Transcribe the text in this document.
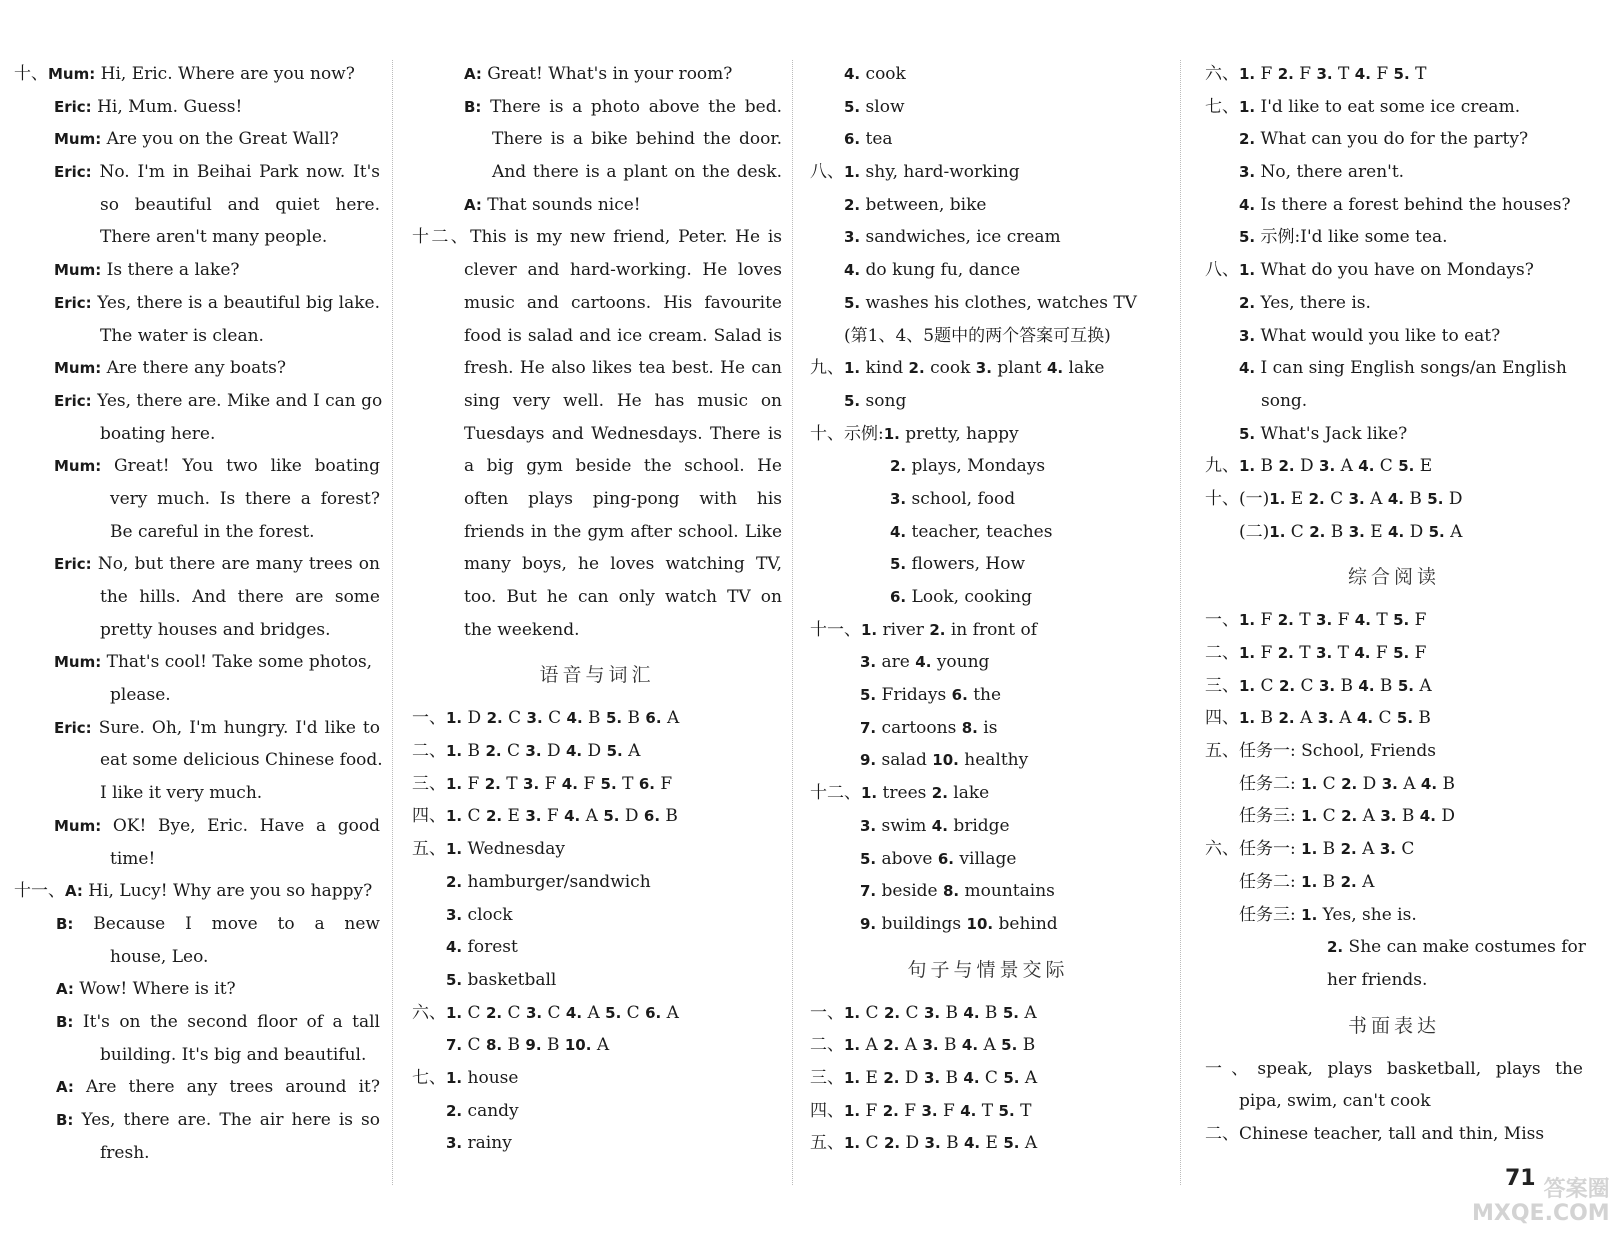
十、Mum: Hi, Eric. Where are you now?
Eric: Hi, Mum. Guess!
Mum: Are you on the Great Wall?
Eric: No. I'm in Beihai Park now. It's
so beautiful and quiet here.
There aren't many people.
Mum: Is there a lake?
Eric: Yes, there is a beautiful big lake.
The water is clean.
Mum: Are there any boats?
Eric: Yes, there are. Mike and I can go
boating here.
Mum: Great! You two like boating
very much. Is there a forest?
Be careful in the forest.
Eric: No, but there are many trees on
the hills. And there are some
pretty houses and bridges.
Mum: That's cool! Take some photos,
please.
Eric: Sure. Oh, I'm hungry. I'd like to
eat some delicious Chinese food.
I like it very much.
Mum: OK! Bye, Eric. Have a good
time!
十一、A: Hi, Lucy! Why are you so happy?
B: Because I move to a new
house, Leo.
A: Wow! Where is it?
B: It's on the second floor of a tall
building. It's big and beautiful.
A: Are there any trees around it?
B: Yes, there are. The air here is so
fresh.
A: Great! What's in your room?
B: There is a photo above the bed.
There is a bike behind the door.
And there is a plant on the desk.
A: That sounds nice!
十二、This is my new friend, Peter. He is
clever and hard-working. He loves
music and cartoons. His favourite
food is salad and ice cream. Salad is
fresh. He also likes tea best. He can
sing very well. He has music on
Tuesdays and Wednesdays. There is
a big gym beside the school. He
often plays ping-pong with his
friends in the gym after school. Like
many boys, he loves watching TV,
too. But he can only watch TV on
the weekend.
语音与词汇
一、1. D 2. C 3. C 4. B 5. B 6. A
二、1. B 2. C 3. D 4. D 5. A
三、1. F 2. T 3. F 4. F 5. T 6. F
四、1. C 2. E 3. F 4. A 5. D 6. B
五、1. Wednesday
2. hamburger/sandwich
3. clock
4. forest
5. basketball
六、1. C 2. C 3. C 4. A 5. C 6. A
7. C 8. B 9. B 10. A
七、1. house
2. candy
3. rainy
4. cook
5. slow
6. tea
八、1. shy, hard-working
2. between, bike
3. sandwiches, ice cream
4. do kung fu, dance
5. washes his clothes, watches TV
(第1、4、5题中的两个答案可互换)
九、1. kind 2. cook 3. plant 4. lake
5. song
十、示例:1. pretty, happy
2. plays, Mondays
3. school, food
4. teacher, teaches
5. flowers, How
6. Look, cooking
十一、1. river 2. in front of
3. are 4. young
5. Fridays 6. the
7. cartoons 8. is
9. salad 10. healthy
十二、1. trees 2. lake
3. swim 4. bridge
5. above 6. village
7. beside 8. mountains
9. buildings 10. behind
句子与情景交际
一、1. C 2. C 3. B 4. B 5. A
二、1. A 2. A 3. B 4. A 5. B
三、1. E 2. D 3. B 4. C 5. A
四、1. F 2. F 3. F 4. T 5. T
五、1. C 2. D 3. B 4. E 5. A
六、1. F 2. F 3. T 4. F 5. T
七、1. I'd like to eat some ice cream.
2. What can you do for the party?
3. No, there aren't.
4. Is there a forest behind the houses?
5. 示例:I'd like some tea.
八、1. What do you have on Mondays?
2. Yes, there is.
3. What would you like to eat?
4. I can sing English songs/an English
song.
5. What's Jack like?
九、1. B 2. D 3. A 4. C 5. E
十、(一)1. E 2. C 3. A 4. B 5. D
(二)1. C 2. B 3. E 4. D 5. A
综合阅读
一、1. F 2. T 3. F 4. T 5. F
二、1. F 2. T 3. T 4. F 5. F
三、1. C 2. C 3. B 4. B 5. A
四、1. B 2. A 3. A 4. C 5. B
五、任务一: School, Friends
任务二: 1. C 2. D 3. A 4. B
任务三: 1. C 2. A 3. B 4. D
六、任务一: 1. B 2. A 3. C
任务二: 1. B 2. A
任务三: 1. Yes, she is.
2. She can make costumes for
her friends.
书面表达
一、speak, plays basketball, plays the
pipa, swim, can't cook
二、Chinese teacher, tall and thin, Miss
答案圈 MXQE.COM
71
